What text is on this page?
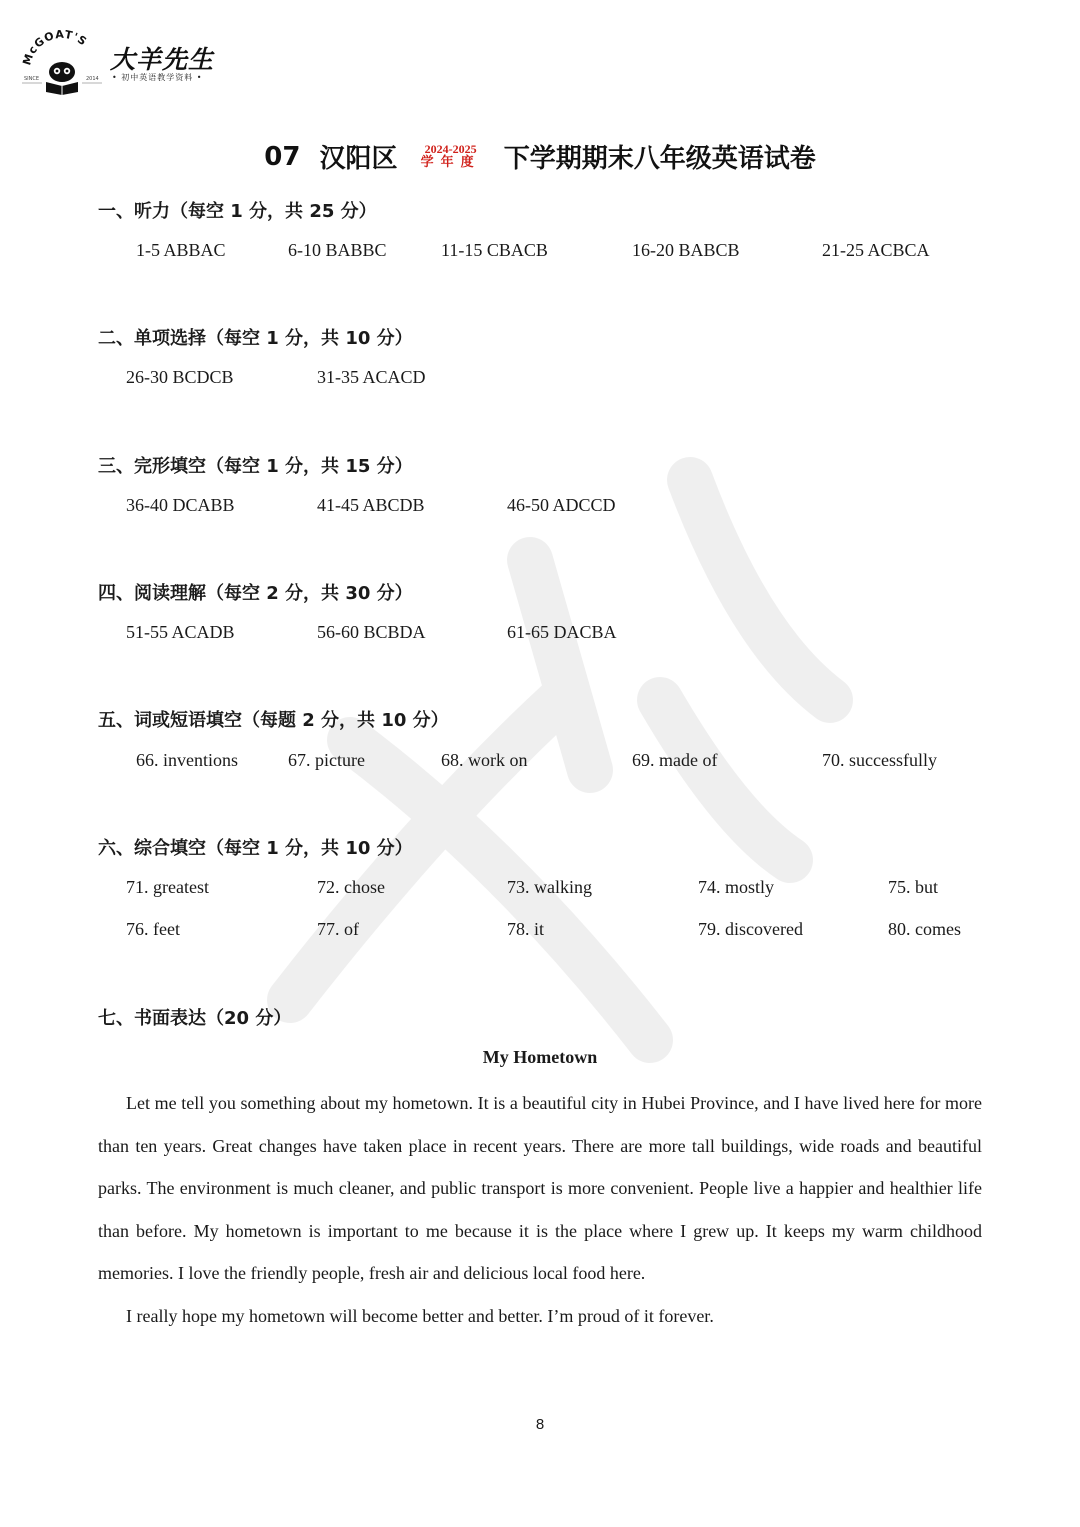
McGOAT'S
SINCE	2014
大羊先生
• 初中英语教学资料 •
07 汉阳区	2024-2025
学年度 下学期期末八年级英语试卷
一、听力（每空 1 分，共 25 分）
1-5 ABBAC	6-10 BABBC	11-15 CBACB	16-20 BABCB	21-25 ACBCA
二、单项选择（每空 1 分，共 10 分）
26-30 BCDCB	31-35 ACACD
三、完形填空（每空 1 分，共 15 分）
36-40 DCABB	41-45 ABCDB	46-50 ADCCD
四、阅读理解（每空 2 分，共 30 分）
51-55 ACADB	56-60 BCBDA	61-65 DACBA
五、词或短语填空（每题 2 分，共 10 分）
66. inventions	67. picture	68. work on	69. made of	70. successfully
六、综合填空（每空 1 分，共 10 分）
71. greatest	72. chose	73. walking	74. mostly	75. but
76. feet	77. of	78. it	79. discovered	80. comes
七、书面表达（20 分）
My Hometown

Let me tell you something about my hometown. It is a beautiful city in Hubei Province, and I have lived here for more than ten years. Great changes have taken place in recent years. There are more tall buildings, wide roads and beautiful parks. The environment is much cleaner, and public transport is more convenient. People live a happier and healthier life than before. My hometown is important to me because it is the place where I grew up. It keeps my warm childhood memories. I love the friendly people, fresh air and delicious local food here.

I really hope my hometown will become better and better. I’m proud of it forever.

8
